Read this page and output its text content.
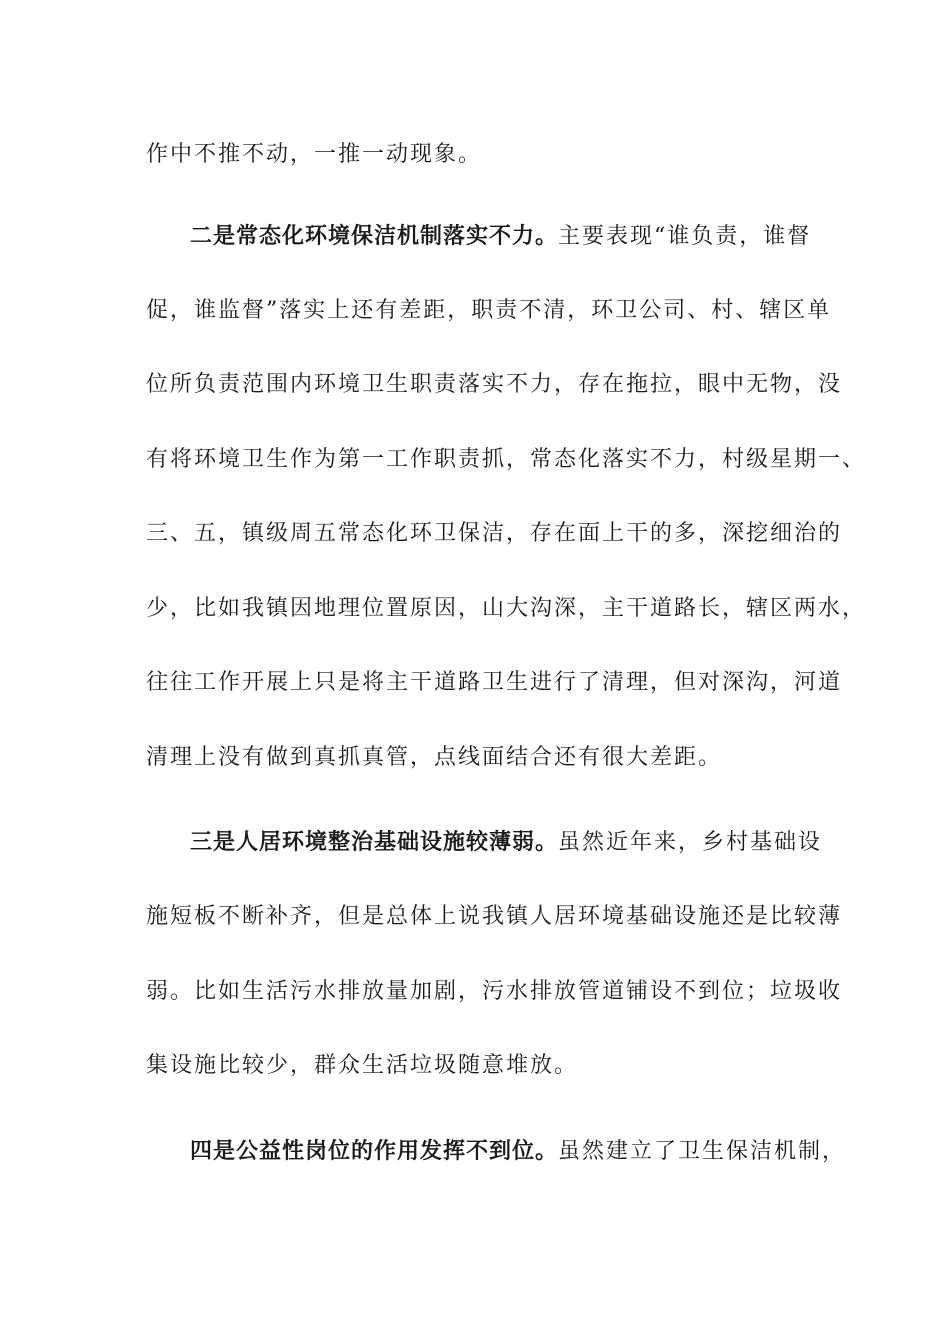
作中不推不动，一推一动现象。
二是常态化环境保洁机制落实不力。主要表现“谁负责，谁督
促，谁监督”落实上还有差距，职责不清，环卫公司、村、辖区单
位所负责范围内环境卫生职责落实不力，存在拖拉，眼中无物，没
有将环境卫生作为第一工作职责抓，常态化落实不力，村级星期一、
三、五，镇级周五常态化环卫保洁，存在面上干的多，深挖细治的
少，比如我镇因地理位置原因，山大沟深，主干道路长，辖区两水，
往往工作开展上只是将主干道路卫生进行了清理，但对深沟，河道
清理上没有做到真抓真管，点线面结合还有很大差距。
三是人居环境整治基础设施较薄弱。虽然近年来，乡村基础设
施短板不断补齐，但是总体上说我镇人居环境基础设施还是比较薄
弱。比如生活污水排放量加剧，污水排放管道铺设不到位；垃圾收
集设施比较少，群众生活垃圾随意堆放。
四是公益性岗位的作用发挥不到位。虽然建立了卫生保洁机制，
